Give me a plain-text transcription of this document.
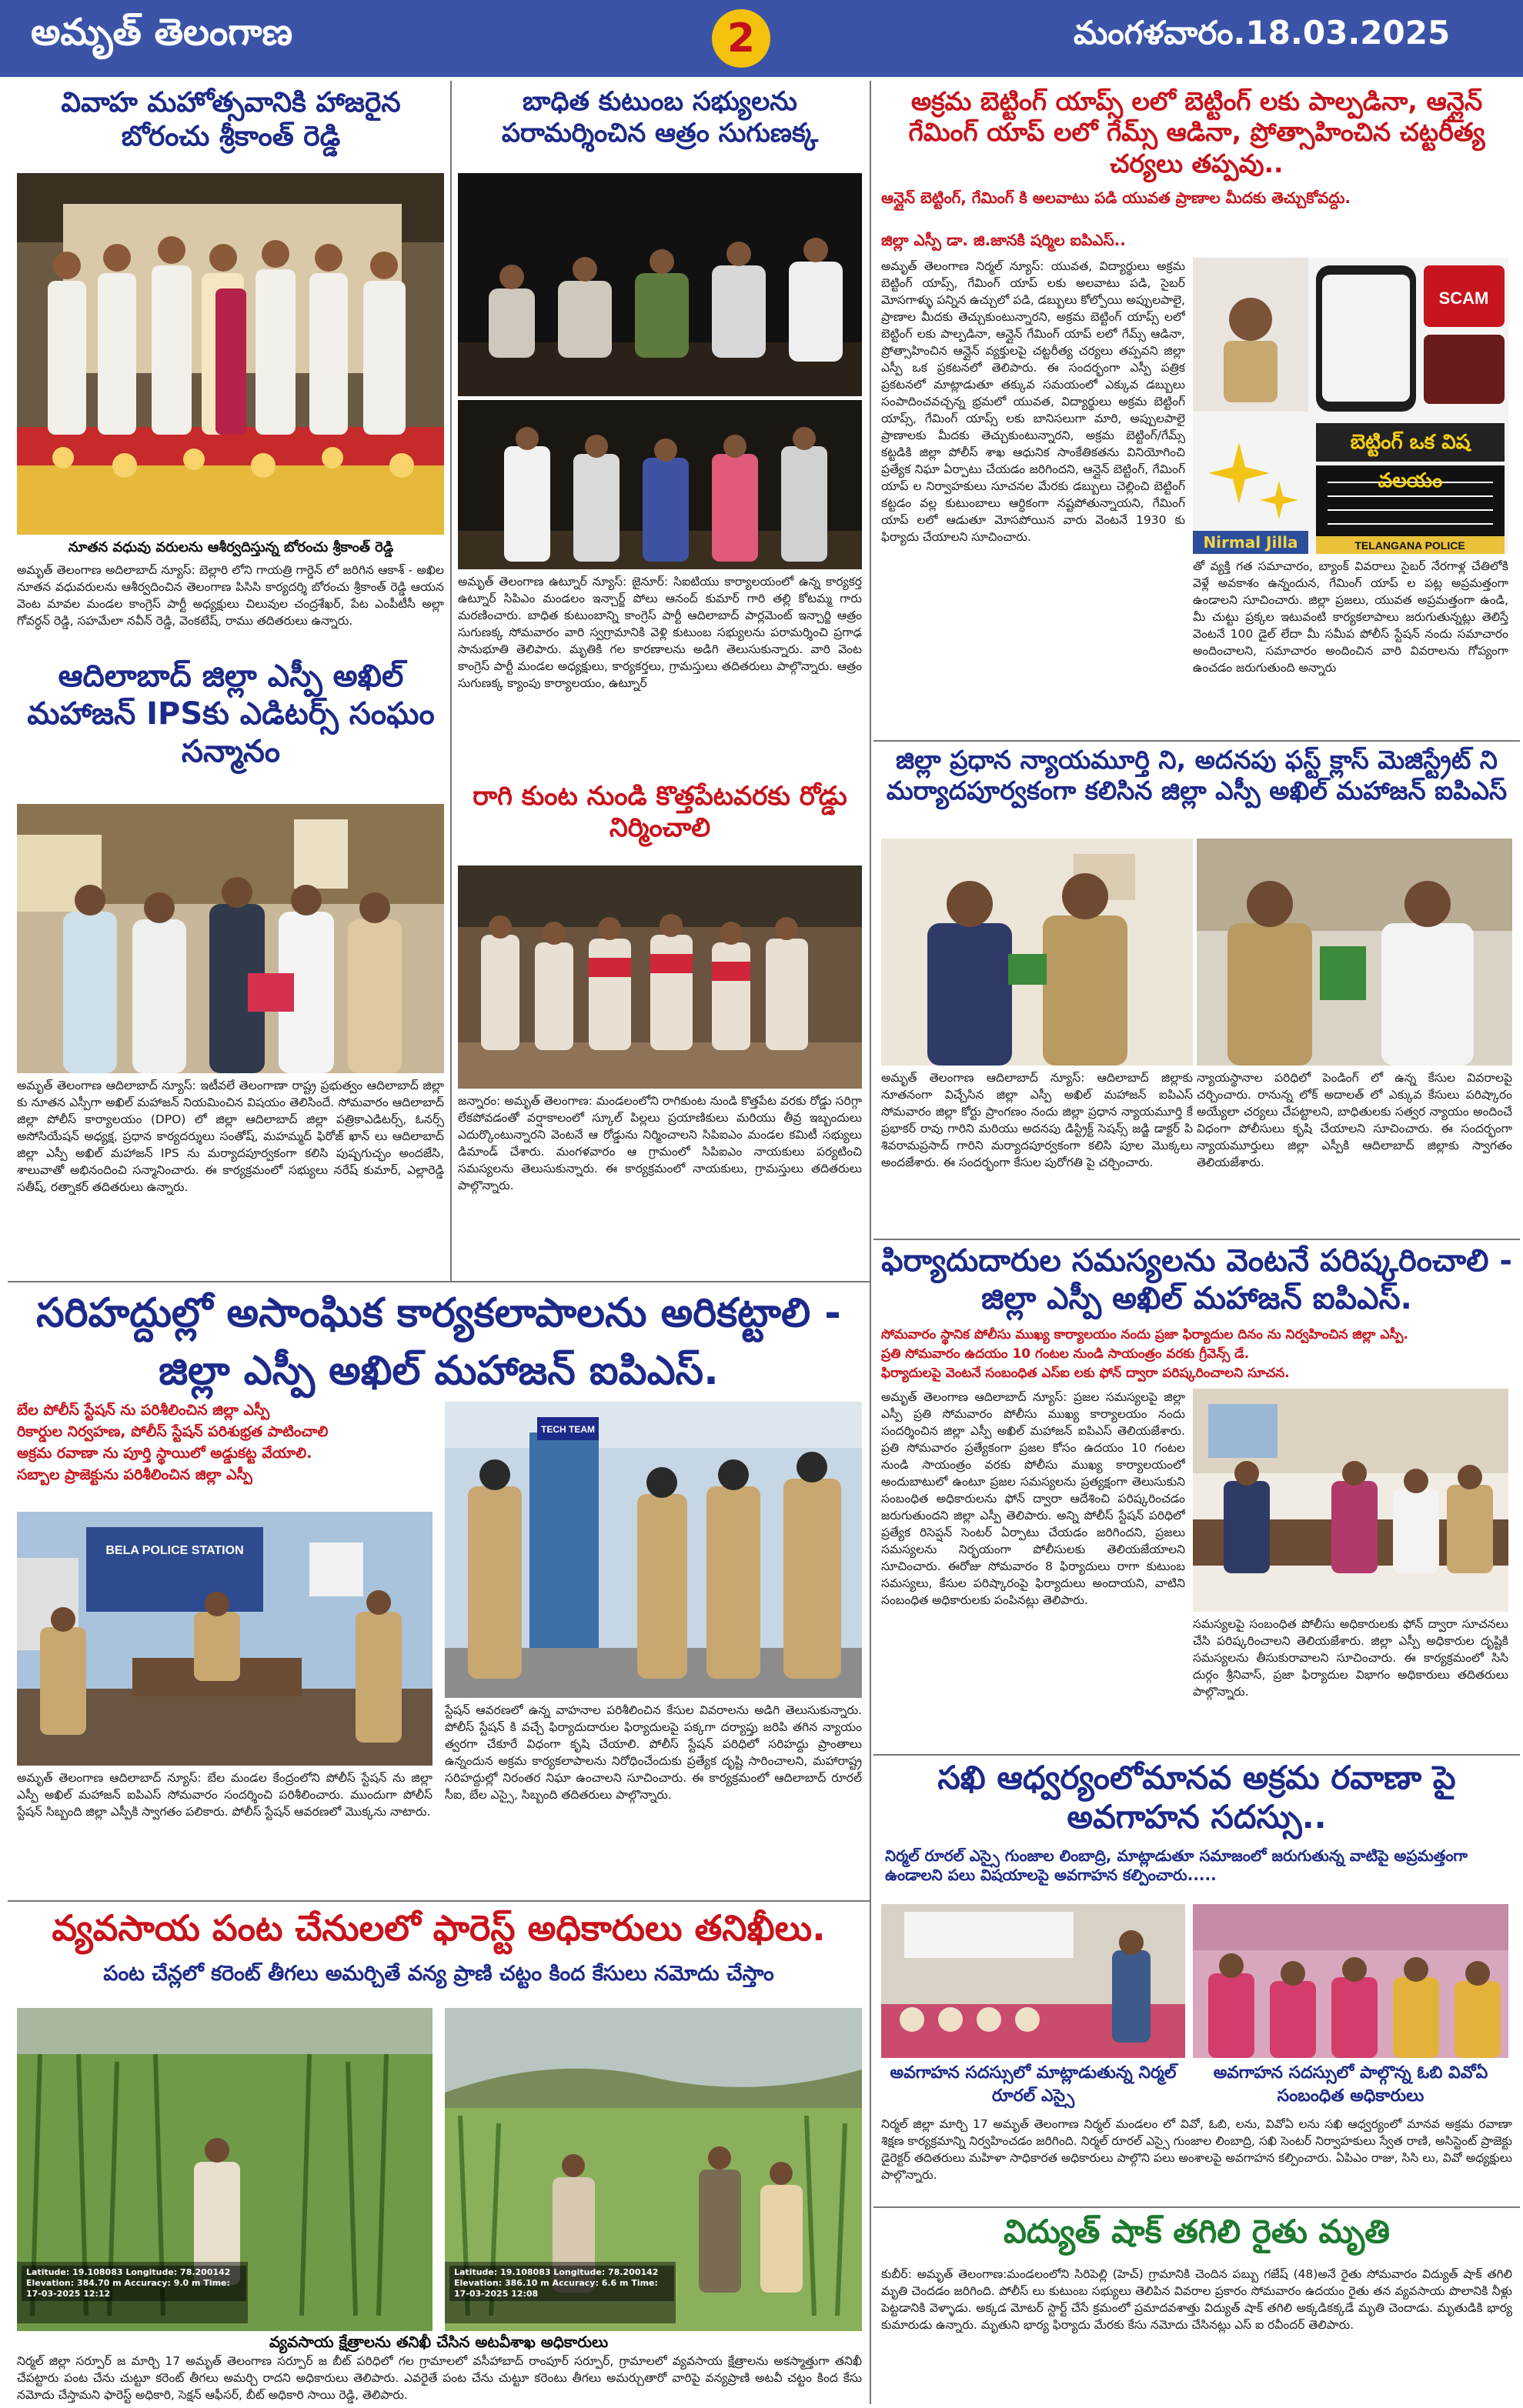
అమృత్ తెలంగాణ	2	మంగళవారం.18.03.2025
వివాహ మహోత్సవానికి హాజరైన బోరంచు శ్రీకాంత్ రెడ్డి
నూతన వధువు వరులను ఆశీర్వదిస్తున్న బోరంచు శ్రీకాంత్ రెడ్డి
అమృత్ తెలంగాణ అదిలాబాద్ న్యూస్: బెల్లారి లోని గాయత్రి గార్డెన్ లో జరిగిన ఆకాశ్ - అఖిల నూతన వధువరులను ఆశీర్వదించిన తెలంగాణ పిసిసి కార్యదర్శి బోరంచు శ్రీకాంత్ రెడ్డి ఆయన వెంట మావల మండల కాంగ్రెస్ పార్టీ అధ్యక్షులు చిలువుల చంద్రశేఖర్, పేట ఎంపీటీసీ అల్లా గోవర్ధన్ రెడ్డి, సహమేలా నవీన్ రెడ్డి, వెంకటేష్, రాము తదితరులు ఉన్నారు.
ఆదిలాబాద్ జిల్లా ఎస్పీ అఖిల్ మహాజన్ IPSకు ఎడిటర్స్ సంఘం సన్మానం
అమృత్ తెలంగాణ ఆదిలాబాద్ న్యూస్: ఇటీవలే తెలంగాణా రాష్ట్ర ప్రభుత్వం ఆదిలాబాద్ జిల్లా కు నూతన ఎస్పీగా అఖిల్ మహాజన్ నియమించిన విషయం తెలిసిందే. సోమవారం ఆదిలాబాద్ జిల్లా పోలీస్ కార్యాలయం (DPO) లో జిల్లా ఆదిలాబాద్ జిల్లా పత్రికాఎడిటర్స్, ఓనర్స్ అసోసియేషన్ అధ్యక్ష, ప్రధాన కార్యదర్శులు సంతోష్, మహమ్మద్ ఫిరోజ్ ఖాన్ లు ఆదిలాబాద్ జిల్లా ఎస్పీ అఖిల్ మహాజన్ IPS ను మర్యాదపూర్వకంగా కలిసి పుష్పగుచ్ఛం అందజేసి, శాలువాతో అభినందించి సన్మానించారు. ఈ కార్యక్రమంలో సభ్యులు నరేష్ కుమార్, ఎల్లారెడ్డి సతీష్, రత్నాకర్ తదితరులు ఉన్నారు.
బాధిత కుటుంబ సభ్యులను పరామర్శించిన ఆత్రం సుగుణక్క
అమృత్ తెలంగాణ ఉట్నూర్ న్యూస్: జైనూర్: సిఐటియు కార్యాలయంలో ఉన్న కార్యకర్త ఉట్నూర్ సిపిఎం మండలం ఇన్చార్జ్ పోలు ఆనంద్ కుమార్ గారి తల్లి కోటమ్మ గారు మరణించారు. బాధిత కుటుంబాన్ని కాంగ్రెస్ పార్టీ ఆదిలాబాద్ పార్లమెంట్ ఇన్చార్జి ఆత్రం సుగుణక్క సోమవారం వారి స్వగ్రామానికి వెళ్లి కుటుంబ సభ్యులను పరామర్శించి ప్రగాఢ సానుభూతి తెలిపారు. మృతికి గల కారణాలను అడిగి తెలుసుకున్నారు. వారి వెంట కాంగ్రెస్ పార్టీ మండల అధ్యక్షులు, కార్యకర్తలు, గ్రామస్తులు తదితరులు పాల్గొన్నారు. ఆత్రం సుగుణక్క క్యాంపు కార్యాలయం, ఉట్నూర్
రాగి కుంట నుండి కొత్తపేటవరకు రోడ్డు నిర్మించాలి
జన్నారం: అమృత్ తెలంగాణ: మండలంలోని రాగికుంట నుండి కొత్తపేట వరకు రోడ్డు సరిగ్గా లేకపోవడంతో వర్షాకాలంలో స్కూల్ పిల్లలు ప్రయాణికులు మరియు తీవ్ర ఇబ్బందులు ఎదుర్కొంటున్నారని వెంటనే ఆ రోడ్డును నిర్మించాలని సిపిఐఎం మండల కమిటీ సభ్యులు డిమాండ్ చేశారు. మంగళవారం ఆ గ్రామంలో సిపిఐఎం నాయకులు పర్యటించి సమస్యలను తెలుసుకున్నారు. ఈ కార్యక్రమంలో నాయకులు, గ్రామస్తులు తదితరులు పాల్గొన్నారు.
అక్రమ బెట్టింగ్ యాప్స్ లలో బెట్టింగ్ లకు పాల్పడినా, ఆన్లైన్ గేమింగ్ యాప్ లలో గేమ్స్ ఆడినా, ప్రోత్సాహించిన చట్టరీత్య చర్యలు తప్పవు..
ఆన్లైన్ బెట్టింగ్, గేమింగ్ కి అలవాటు పడి యువత ప్రాణాల మీదకు తెచ్చుకోవద్దు.
జిల్లా ఎస్పీ డా. జి.జానకి షర్మిల ఐపిఎస్..
అమృత్ తెలంగాణ నిర్మల్ న్యూస్: యువత, విద్యార్థులు అక్రమ బెట్టింగ్ యాప్స్, గేమింగ్ యాప్ లకు అలవాటు పడి, సైబర్ మోసగాళ్ళు పన్నిన ఉచ్చులో పడి, డబ్బులు కోల్పోయి అప్పులపాలై, ప్రాణాల మీదకు తెచ్చుకుంటున్నారని, అక్రమ బెట్టింగ్ యాప్స్ లలో బెట్టింగ్ లకు పాల్పడినా, ఆన్లైన్ గేమింగ్ యాప్ లలో గేమ్స్ ఆడినా, ప్రోత్సాహించిన ఆన్లైన్ వ్యక్తులపై చట్టరీత్య చర్యలు తప్పవని జిల్లా ఎస్పీ ఒక ప్రకటనలో తెలిపారు. ఈ సందర్భంగా ఎస్పీ పత్రిక ప్రకటనలో మాట్లాడుతూ తక్కువ సమయంలో ఎక్కువ డబ్బులు సంపాదించవచ్చన్న భ్రమలో యువత, విద్యార్థులు అక్రమ బెట్టింగ్ యాప్స్, గేమింగ్ యాప్స్ లకు బానిసలుగా మారి, అప్పులపాలై ప్రాణాలకు మీదకు తెచ్చుకుంటున్నారని, అక్రమ బెట్టింగ్/గేమ్స్ కట్టడికి జిల్లా పోలీస్ శాఖ ఆధునిక సాంకేతికతను వినియోగించి ప్రత్యేక నిఘా ఏర్పాటు చేయడం జరిగిందని, ఆన్లైన్ బెట్టింగ్, గేమింగ్ యాప్ ల నిర్వాహకులు సూచనల మేరకు డబ్బులు చెల్లించి బెట్టింగ్ కట్టడం వల్ల కుటుంబాలు ఆర్ధికంగా నష్టపోతున్నాయని, గేమింగ్ యాప్ లలో ఆడుతూ మోసపోయిన వారు వెంటనే 1930 కు ఫిర్యాదు చేయాలని సూచించారు.
SCAM
TELANGANA POLICE
బెట్టింగ్ ఒక విష వలయం
Nirmal Jilla
తో వ్యక్తి గత సమాచారం, బ్యాంక్ వివరాలు సైబర్ నేరగాళ్ల చేతిలోకి వెళ్లే అవకాశం ఉన్నందున, గేమింగ్ యాప్ ల పట్ల అప్రమత్తంగా ఉండాలని సూచించారు. జిల్లా ప్రజలు, యువత అప్రమత్తంగా ఉండి, మీ చుట్టు ప్రక్కల ఇటువంటి కార్యకలాపాలు జరుగుతున్నట్లు తెలిస్తే వెంటనే 100 డైల్ లేదా మీ సమీప పోలీస్ స్టేషన్ నందు సమాచారం అందించాలని, సమాచారం అందించిన వారి వివరాలను గోప్యంగా ఉంచడం జరుగుతుంది అన్నారు
జిల్లా ప్రధాన న్యాయమూర్తి ని, అదనపు ఫస్ట్ క్లాస్ మెజిస్ట్రేట్ ని మర్యాదపూర్వకంగా కలిసిన జిల్లా ఎస్పీ అఖిల్ మహాజన్ ఐపిఎస్
అమృత్ తెలంగాణ ఆదిలాబాద్ న్యూస్: ఆదిలాబాద్ జిల్లాకు నూతనంగా విచ్చేసిన జిల్లా ఎస్పీ అఖిల్ మహాజన్ ఐపిఎస్ సోమవారం జిల్లా కోర్టు ప్రాంగణం నందు జిల్లా ప్రధాన న్యాయమూర్తి కే ప్రభాకర్ రావు గారిని మరియు అదనపు డిస్ట్రిక్ట్ సెషన్స్ జడ్జి డాక్టర్ పి శివరామప్రసాద్ గారిని మర్యాదపూర్వకంగా కలిసి పూల మొక్కలు అందజేశారు. ఈ సందర్భంగా కేసుల పురోగతి పై చర్చించారు.
న్యాయస్థానాల పరిధిలో పెండింగ్ లో ఉన్న కేసుల వివరాలపై చర్చించారు. రానున్న లోక్ అదాలత్ లో ఎక్కువ కేసులు పరిష్కారం అయ్యేలా చర్యలు చేపట్టాలని, బాధితులకు సత్వర న్యాయం అందించే విధంగా పోలీసులు కృషి చేయాలని సూచించారు. ఈ సందర్భంగా న్యాయమూర్తులు జిల్లా ఎస్పీకి ఆదిలాబాద్ జిల్లాకు స్వాగతం తెలియజేశారు.
ఫిర్యాదుదారుల సమస్యలను వెంటనే పరిష్కరించాలి - జిల్లా ఎస్పీ అఖిల్ మహాజన్ ఐపిఎస్.
సోమవారం స్థానిక పోలీసు ముఖ్య కార్యాలయం నందు ప్రజా ఫిర్యాదుల దినం ను నిర్వహించిన జిల్లా ఎస్పీ.
ప్రతి సోమవారం ఉదయం 10 గంటల నుండి సాయంత్రం వరకు గ్రీవెన్స్ డే.
ఫిర్యాదులపై వెంటనే సంబంధిత ఎస్ఐ లకు ఫోన్ ద్వారా పరిష్కరించాలని సూచన.
అమృత్ తెలంగాణ ఆదిలాబాద్ న్యూస్: ప్రజల సమస్యలపై జిల్లా ఎస్పీ ప్రతి సోమవారం పోలీసు ముఖ్య కార్యాలయం నందు సందర్శించిన జిల్లా ఎస్పీ అఖిల్ మహాజన్ ఐపిఎస్ తెలియజేశారు. ప్రతి సోమవారం ప్రత్యేకంగా ప్రజల కోసం ఉదయం 10 గంటల నుండి సాయంత్రం వరకు పోలీసు ముఖ్య కార్యాలయంలో అందుబాటులో ఉంటూ ప్రజల సమస్యలను ప్రత్యక్షంగా తెలుసుకుని సంబంధిత అధికారులను ఫోన్ ద్వారా ఆదేశించి పరిష్కరించడం జరుగుతుందని జిల్లా ఎస్పీ తెలిపారు. అన్ని పోలీస్ స్టేషన్ పరిధిలో ప్రత్యేక రిసెప్షన్ సెంటర్ ఏర్పాటు చేయడం జరిగిందని, ప్రజలు సమస్యలను నిర్భయంగా పోలీసులకు తెలియజేయాలని సూచించారు. ఈరోజు సోమవారం 8 ఫిర్యాదులు రాగా కుటుంబ సమస్యలు, కేసుల పరిష్కారంపై ఫిర్యాదులు అందాయని, వాటిని సంబంధిత అధికారులకు పంపినట్లు తెలిపారు.
సమస్యలపై సంబంధిత పోలీసు అధికారులకు ఫోన్ ద్వారా సూచనలు చేసి పరిష్కరించాలని తెలియజేశారు. జిల్లా ఎస్పీ అధికారుల దృష్టికి సమస్యలను తీసుకురావాలని సూచించారు. ఈ కార్యక్రమంలో సిసి దుర్గం శ్రీనివాస్, ప్రజా ఫిర్యాదుల విభాగం అధికారులు తదితరులు పాల్గొన్నారు.
సఖి ఆధ్వర్యంలోమానవ అక్రమ రవాణా పై అవగాహన సదస్సు..
నిర్మల్ రూరల్ ఎస్సై గుంజాల లింబాద్రి, మాట్లాడుతూ సమాజంలో జరుగుతున్న వాటిపై అప్రమత్తంగా ఉండాలని పలు విషయాలపై అవగాహన కల్పించారు.....
అవగాహన సదస్సులో మాట్లాడుతున్న నిర్మల్ రూరల్ ఎస్సై
అవగాహన సదస్సులో పాల్గొన్న ఓబి వివోఏ సంబంధిత అధికారులు
నిర్మల్ జిల్లా మార్చి 17 అమృత్ తెలంగాణ నిర్మల్ మండలం లో వివో, ఓబి, లను, వివోఏ లను సఖి ఆధ్వర్యంలో మానవ అక్రమ రవాణా శిక్షణ కార్యక్రమాన్ని నిర్వహించడం జరిగింది. నిర్మల్ రూరల్ ఎస్సై గుంజాల లింబాద్రి, సఖి సెంటర్ నిర్వాహకులు స్వేత రాణి, అసిస్టెంట్ ప్రాజెక్టు డైరెక్టర్ తదితరులు మహిళా సాధికారత అధికారులు పాల్గొని పలు అంశాలపై అవగాహన కల్పించారు. ఏపిఎం రాజు, సిసి లు, వివో అధ్యక్షులు పాల్గొన్నారు.
విద్యుత్ షాక్ తగిలి రైతు మృతి
కుబీర్: అమృత్ తెలంగాణ:మండలంలోని సిరిపెల్లి (హెచ్) గ్రామానికి చెందిన పబ్బు గజేష్ (48)అనే రైతు సోమవారం విద్యుత్ షాక్ తగిలి మృతి చెందడం జరిగింది. పోలీస్ లు కుటుంబ సభ్యులు తెలిపిన వివరాల ప్రకారం సోమవారం ఉదయం రైతు తన వ్యవసాయ పొలానికి నీళ్లు పెట్టడానికి వెళ్ళాడు. అక్కడ మోటర్ స్టార్ట్ చేసే క్రమంలో ప్రమాదవశాత్తు విద్యుత్ షాక్ తగిలి అక్కడికక్కడే మృతి చెందాడు. మృతుడికి భార్య కుమారుడు ఉన్నారు. మృతుని భార్య ఫిర్యాదు మేరకు కేసు నమోదు చేసినట్లు ఎస్ ఐ రవీందర్ తెలిపారు.
సరిహద్దుల్లో అసాంఘిక కార్యకలాపాలను అరికట్టాలి - జిల్లా ఎస్పీ అఖిల్ మహాజన్ ఐపిఎస్.
బేల పోలీస్ స్టేషన్ ను పరిశీలించిన జిల్లా ఎస్పీ
రికార్డుల నిర్వహణ, పోలీస్ స్టేషన్ పరిశుభ్రత పాటించాలి
అక్రమ రవాణా ను పూర్తి స్థాయిలో అడ్డుకట్ట వేయాలి.
సబ్బాల ప్రాజెక్టును పరిశీలించిన జిల్లా ఎస్పీ
BELA POLICE STATION
TECH TEAM
అమృత్ తెలంగాణ ఆదిలాబాద్ న్యూస్: బేల మండల కేంద్రంలోని పోలీస్ స్టేషన్ ను జిల్లా ఎస్పీ అఖిల్ మహాజన్ ఐపిఎస్ సోమవారం సందర్శించి పరిశీలించారు. ముందుగా పోలీస్ స్టేషన్ సిబ్బంది జిల్లా ఎస్పీకి స్వాగతం పలికారు. పోలీస్ స్టేషన్ ఆవరణలో మొక్కను నాటారు.
స్టేషన్ ఆవరణలో ఉన్న వాహనాల పరిశీలించిన కేసుల వివరాలను అడిగి తెలుసుకున్నారు. పోలీస్ స్టేషన్ కి వచ్చే ఫిర్యాదుదారుల ఫిర్యాదులపై పక్కగా దర్యాప్తు జరిపి తగిన న్యాయం త్వరగా చేకూరే విధంగా కృషి చేయాలి. పోలీస్ స్టేషన్ పరిధిలో సరిహద్దు ప్రాంతాలు ఉన్నందున అక్రమ కార్యకలాపాలను నిరోధించేందుకు ప్రత్యేక దృష్టి సారించాలని, మహారాష్ట్ర సరిహద్దుల్లో నిరంతర నిఘా ఉంచాలని సూచించారు. ఈ కార్యక్రమంలో ఆదిలాబాద్ రూరల్ సీఐ, బేల ఎస్సై, సిబ్బంది తదితరులు పాల్గొన్నారు.
వ్యవసాయ పంట చేనులలో ఫారెస్ట్ అధికారులు తనిఖీలు.
పంట చేన్లలో కరెంట్ తీగలు అమర్చితే వన్య ప్రాణి చట్టం కింద కేసులు నమోదు చేస్తాం
Latitude: 19.108083 Longitude: 78.200142 Elevation: 384.70 m Accuracy: 9.0 m Time: 17-03-2025 12:12
Latitude: 19.108083 Longitude: 78.200142 Elevation: 386.10 m Accuracy: 6.6 m Time: 17-03-2025 12:08
వ్యవసాయ క్షేత్రాలను తనిఖీ చేసిన అటవీశాఖ అధికారులు
నిర్మల్ జిల్లా సర్పూర్ జ మార్చి 17 అమృత్ తెలంగాణ సర్పూర్ జ బీట్ పరిధిలో గల గ్రామాలలో వసీహాబాద్ రాంపూర్ సర్పూర్, గ్రామాలలో వ్యవసాయ క్షేత్రాలను అకస్మాత్తుగా తనిఖీ చేపట్టారు పంట చేను చుట్టూ కరెంట్ తీగలు అమర్చి రాదని అధికారులు తెలిపారు. ఎవరైతే పంట చేను చుట్టూ కరెంటు తీగలు అమర్చుతారో వారిపై వన్యప్రాణి అటవీ చట్టం కింద కేసు నమోదు చేస్తామని ఫారెస్ట్ అధికారి, సెక్షన్ ఆఫీసర్, బీట్ అధికారి సాయి రెడ్డి, తెలిపారు.
